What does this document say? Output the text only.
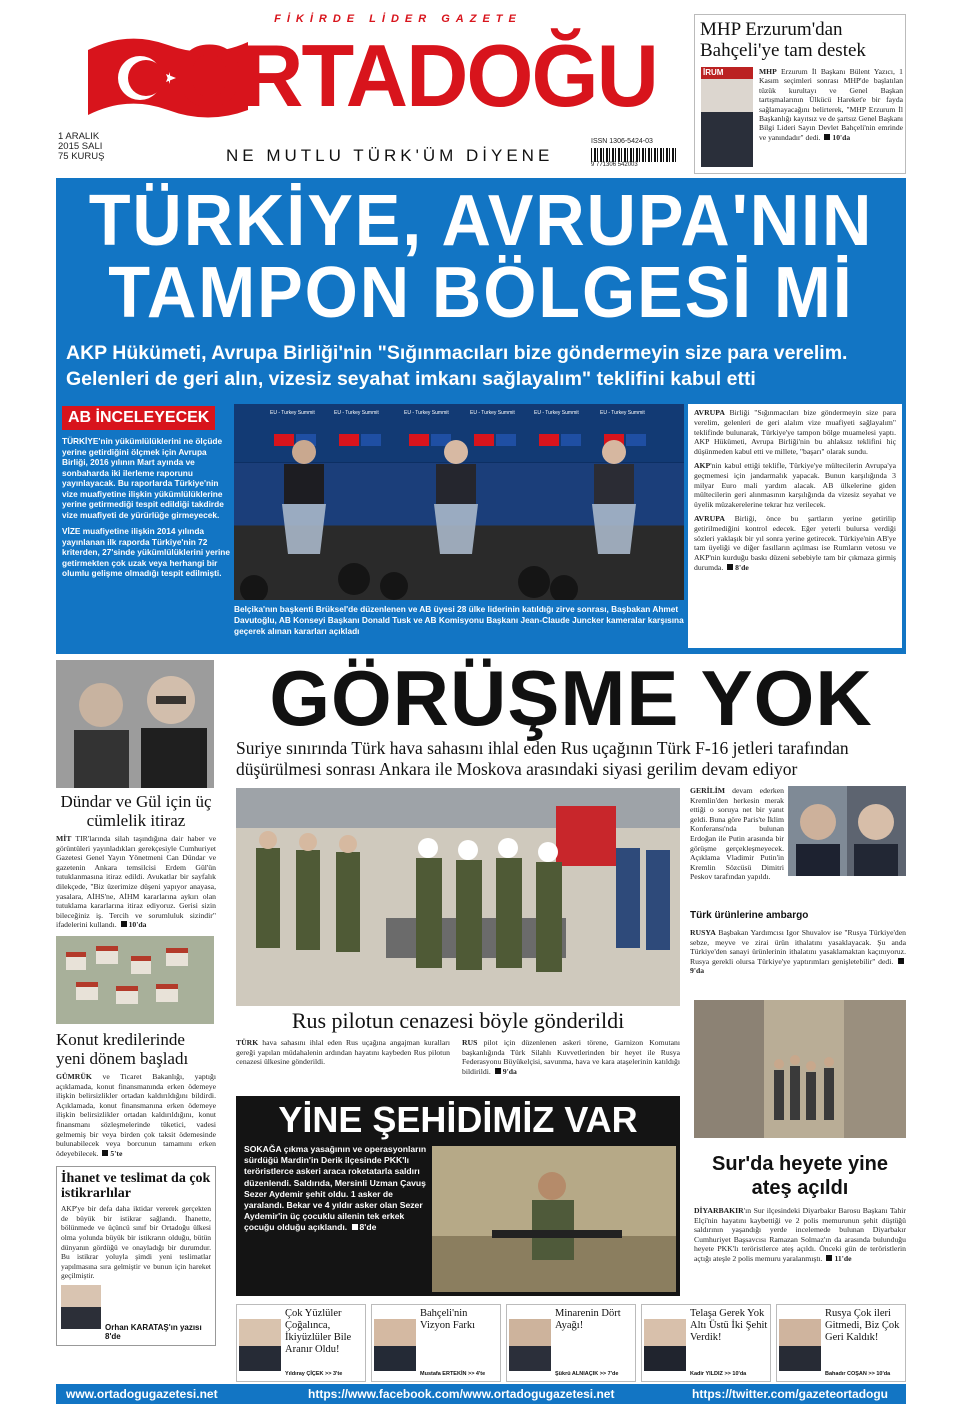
FİKİRDE LİDER GAZETE
ORTADOĞU
NE MUTLU TÜRK'ÜM DİYENE
1 ARALIK
2015 SALI
75 KURUŞ
ISSN 1306-5424-03
9 771306 542003
MHP Erzurum'dan Bahçeli'ye tam destek
İRUM	MHP Erzurum İl Başkanı Bülent Yazıcı, 1 Kasım seçimleri sonrası MHP'de başlatılan tüzük kurultayı ve Genel Başkan tartışmalarının Ülkücü Hareket'e bir fayda sağlamayacağını belirterek, "MHP Erzurum İl Başkanlığı kayıtsız ve de şartsız Genel Başkanı Bilgi Lideri Sayın Devlet Bahçeli'nin emrinde ve yanındadır" dedi. 10'da
TÜRKİYE, AVRUPA'NIN
TAMPON BÖLGESİ Mİ
AKP Hükümeti, Avrupa Birliği'nin "Sığınmacıları bize göndermeyin size para verelim. Gelenleri de geri alın, vizesiz seyahat imkanı sağlayalım" teklifini kabul etti
AB İNCELEYECEK
TÜRKİYE'nin yükümlülüklerini ne ölçüde yerine getirdiğini ölçmek için Avrupa Birliği, 2016 yılının Mart ayında ve sonbaharda iki ilerleme raporunu yayınlayacak. Bu raporlarda Türkiye'nin vize muafiyetine ilişkin yükümlülüklerine yerine getirmediği tespit edildiği takdirde vize muafiyeti de yürürlüğe girmeyecek.
VİZE muafiyetine ilişkin 2014 yılında yayınlanan ilk raporda Türkiye'nin 72 kriterden, 27'sinde yükümlülüklerini yerine getirmekten çok uzak veya herhangi bir olumlu gelişme olmadığı tespit edilmişti.
EU - Turkey Summit	EU - Turkey Summit	EU - Turkey Summit	EU - Turkey Summit	EU - Turkey Summit	EU - Turkey Summit
Belçika'nın başkenti Brüksel'de düzenlenen ve AB üyesi 28 ülke liderinin katıldığı zirve sonrası, Başbakan Ahmet Davutoğlu, AB Konseyi Başkanı Donald Tusk ve AB Komisyonu Başkanı Jean-Claude Juncker kameralar karşısına geçerek alınan kararları açıkladı

AVRUPA Birliği "Sığınmacıları bize göndermeyin size para verelim, gelenleri de geri alalım vize muafiyeti sağlayalım" teklifinde bulunarak, Türkiye'ye tampon bölge muamelesi yaptı. AKP Hükümeti, Avrupa Birliği'nin bu ahlaksız teklifini hiç düşünmeden kabul etti ve millete, "başarı" olarak sundu.

AKP'nin kabul ettiği teklifle, Türkiye'ye mültecilerin Avrupa'ya geçmemesi için jandarmalık yapacak. Bunun karşılığında 3 milyar Euro mali yardım alacak. AB ülkelerine giden mültecilerin geri alınmasının karşılığında da vizesiz seyahat ve üyelik müzakerelerine tekrar hız verilecek.

AVRUPA Birliği, önce bu şartların yerine getirilip getirilmediğini kontrol edecek. Eğer yeterli bulursa verdiği sözleri yaklaşık bir yıl sonra yerine getirecek. Türkiye'nin AB'ye tam üyeliği ve diğer fasılların açılması ise Rumların vetosu ve AKP'nin kurduğu baskı düzeni sebebiyle tam bir çıkmaza girmiş durumda. 8'de

Dündar ve Gül için üç cümlelik itiraz
MİT TIR'larında silah taşındığına dair haber ve görüntüleri yayınladıkları gerekçesiyle Cumhuriyet Gazetesi Genel Yayın Yönetmeni Can Dündar ve gazetenin Ankara temsilcisi Erdem Gül'ün tutuklanmasına itiraz edildi. Avukatlar bir sayfalık dilekçede, "Biz üzerimize düşeni yapıyor anayasa, yasalara, AİHS'ne, AİHM kararlarına aykırı olan tutuklama kararlarına itiraz ediyoruz. Gerisi sizin bileceğiniz iş. Tercih ve sorumluluk sizindir" ifadelerini kullandı. 10'da
Konut kredilerinde yeni dönem başladı
GÜMRÜK ve Ticaret Bakanlığı, yaptığı açıklamada, konut finansmanında erken ödemeye ilişkin belirsizlikler ortadan kaldırıldığını bildirdi. Açıklamada, konut finansmanına erken ödemeye ilişkin belirsizlikler ortadan kaldırıldığını, konut finansmanı sözleşmelerinde tüketici, vadesi gelmemiş bir veya birden çok taksit ödemesinde bulunabilecek veya borcunun tamamını erken ödeyebilecek. 5'te
İhanet ve teslimat da çok istikrarlılar
AKP'ye bir defa daha iktidar vererek gerçekten de büyük bir istikrar sağlandı. İhanette, bölünmede ve üçüncü sınıf bir Ortadoğu ülkesi olma yolunda büyük bir istikrarın olduğu, bütün dünyanın gördüğü ve onayladığı bir durumdur. Bu istikrar yoluyla şimdi yeni teslimatlar yapılmasına sıra gelmiştir ve bunun için hareket geçilmiştir.
Orhan KARATAŞ'ın yazısı 8'de
GÖRÜŞME YOK
Suriye sınırında Türk hava sahasını ihlal eden Rus uçağının Türk F-16 jetleri tarafından düşürülmesi sonrası Ankara ile Moskova arasındaki siyasi gerilim devam ediyor
Rus pilotun cenazesi böyle gönderildi
TÜRK hava sahasını ihlal eden Rus uçağına angajman kuralları gereği yapılan müdahalenin ardından hayatını kaybeden Rus pilotun cenazesi ülkesine gönderildi.
RUS pilot için düzenlenen askeri törene, Garnizon Komutanı başkanlığında Türk Silahlı Kuvvetlerinden bir heyet ile Rusya Federasyonu Büyükelçisi, savunma, hava ve kara ataşelerinin katıldığı bildirildi. 9'da
GERİLİM devam ederken Kremlin'den herkesin merak ettiği o soruya net bir yanıt geldi. Buna göre Paris'te İklim Konferansı'nda bulunan Erdoğan ile Putin arasında bir görüşme gerçekleşmeyecek. Açıklama Vladimir Putin'in Kremlin Sözcüsü Dimitri Peskov tarafından yapıldı.
Türk ürünlerine ambargo
RUSYA Başbakan Yardımcısı Igor Shuvalov ise "Rusya Türkiye'den sebze, meyve ve zirai ürün ithalatını yasaklayacak. Şu anda Türkiye'den sanayi ürünlerinin ithalatını yasaklamaktan kaçınıyoruz. Rusya gerekli olursa Türkiye'ye yaptırımları genişletebilir" dedi. 9'da
YİNE ŞEHİDİMİZ VAR
SOKAĞA çıkma yasağının ve operasyonların sürdüğü Mardin'in Derik ilçesinde PKK'lı teröristlerce askeri araca roketatarla saldırı düzenlendi. Saldırıda, Mersinli Uzman Çavuş Sezer Aydemir şehit oldu. 1 asker de yaralandı. Bekar ve 4 yıldır asker olan Sezer Aydemir'in üç çocuklu ailenin tek erkek çocuğu olduğu açıklandı. 8'de
Sur'da heyete yine ateş açıldı
DİYARBAKIR'ın Sur ilçesindeki Diyarbakır Barosu Başkanı Tahir Elçi'nin hayatını kaybettiği ve 2 polis memurunun şehit düştüğü saldırının yaşandığı yerde incelemede bulunan Diyarbakır Cumhuriyet Başsavcısı Ramazan Solmaz'ın da arasında bulunduğu heyete PKK'lı teröristlerce ateş açıldı. Önceki gün de teröristlerin açtığı ateşle 2 polis memuru yaralanmıştı. 11'de
Çok Yüzlüler Çoğalınca, İkiyüzlüler Bile Aranır Oldu!
Yıldıray ÇİÇEK >> 3'te
Bahçeli'nin Vizyon Farkı
Mustafa ERTEKİN >> 4'te
Minarenin Dört Ayağı!
Şükrü ALNIAÇIK >> 7'de
Telaşa Gerek Yok Altı Üstü İki Şehit Verdik!
Kadir YILDIZ >> 10'da
Rusya Çok ileri Gitmedi, Biz Çok Geri Kaldık!
Bahadır COŞAN >> 10'da
www.ortadogugazetesi.net	https://www.facebook.com/www.ortadogugazetesi.net	https://twitter.com/gazeteortadogu
